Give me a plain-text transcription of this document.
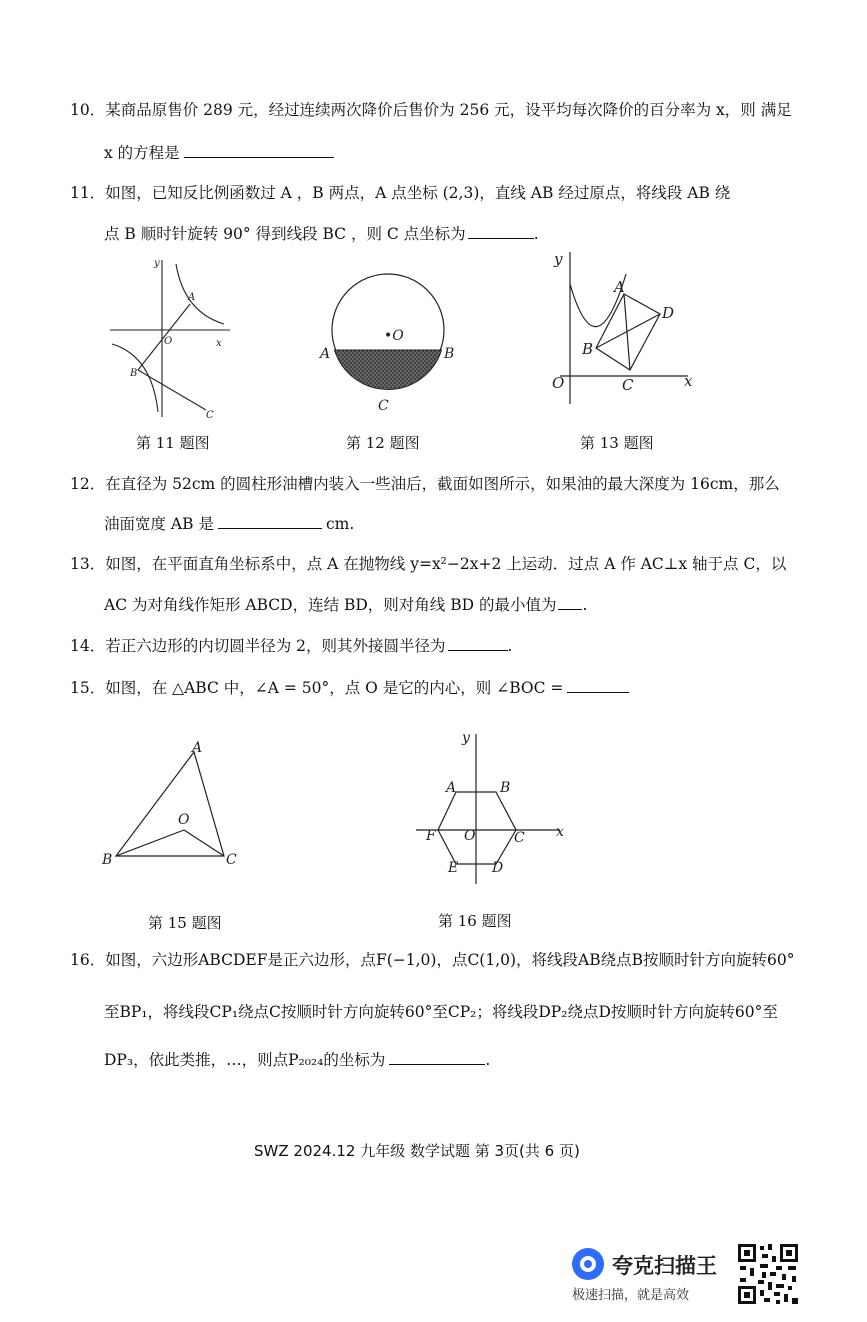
10．某商品原售价 289 元，经过连续两次降价后售价为 256 元，设平均每次降价的百分率为 x，则 满足
x 的方程是
11．如图，已知反比例函数过 A ，B 两点，A 点坐标 (2,3)，直线 AB 经过原点，将线段 AB 绕
点 B 顺时针旋转 90° 得到线段 BC ，则 C 点坐标为	.
y
x
O
A
B
C
第 11 题图
•O
A	B
C
第 12 题图
y
x
O
A
B
C
D
第 13 题图
12．在直径为 52cm 的圆柱形油槽内装入一些油后，截面如图所示，如果油的最大深度为 16cm，那么
油面宽度 AB 是	cm.
13．如图，在平面直角坐标系中，点 A 在抛物线 y=x²−2x+2 上运动．过点 A 作 AC⊥x 轴于点 C，以
AC 为对角线作矩形 ABCD，连结 BD，则对角线 BD 的最小值为 .
14．若正六边形的内切圆半径为 2，则其外接圆半径为	.
15．如图，在 △ABC 中，∠A = 50°，点 O 是它的内心，则 ∠BOC =
A
B	C
O
第 15 题图
y
x
A	B
C
D
E
F O
第 16 题图
16．如图，六边形ABCDEF是正六边形，点F(−1,0)，点C(1,0)，将线段AB绕点B按顺时针方向旋转60°
至BP₁，将线段CP₁绕点C按顺时针方向旋转60°至CP₂；将线段DP₂绕点D按顺时针方向旋转60°至
DP₃，依此类推，…，则点P₂₀₂₄的坐标为	.
SWZ 2024.12 九年级 数学试题 第 3页(共 6 页)
夸克扫描王
极速扫描，就是高效
